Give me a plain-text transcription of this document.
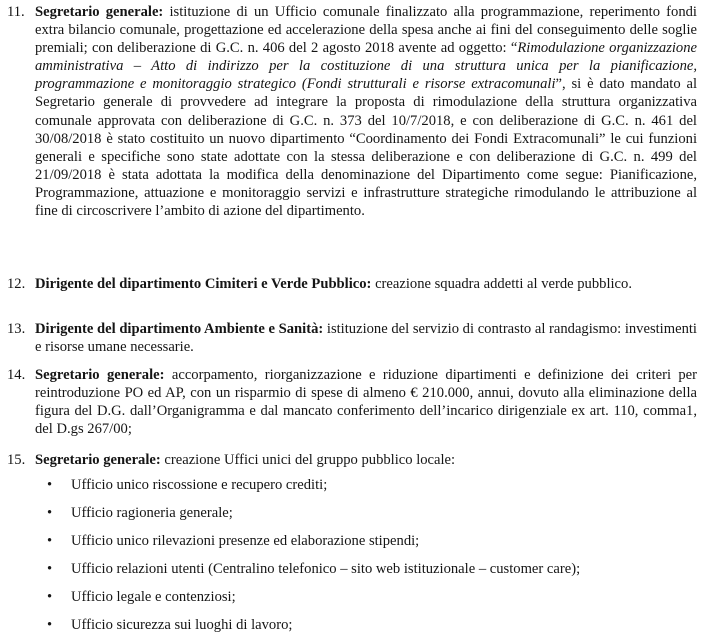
11. Segretario generale: istituzione di un Ufficio comunale finalizzato alla programmazione, reperimento fondi extra bilancio comunale, progettazione ed accelerazione della spesa anche ai fini del conseguimento delle soglie premiali; con deliberazione di G.C. n. 406 del 2 agosto 2018 avente ad oggetto: “Rimodulazione organizzazione amministrativa – Atto di indirizzo per la costituzione di una struttura unica per la pianificazione, programmazione e monitoraggio strategico (Fondi strutturali e risorse extracomunali”, si è dato mandato al Segretario generale di provvedere ad integrare la proposta di rimodulazione della struttura organizzativa comunale approvata con deliberazione di G.C. n. 373 del 10/7/2018, e con deliberazione di G.C. n. 461 del 30/08/2018 è stato costituito un nuovo dipartimento “Coordinamento dei Fondi Extracomunali” le cui funzioni generali e specifiche sono state adottate con la stessa deliberazione e con deliberazione di G.C. n. 499 del 21/09/2018 è stata adottata la modifica della denominazione del Dipartimento come segue: Pianificazione, Programmazione, attuazione e monitoraggio servizi e infrastrutture strategiche rimodulando le attribuzione al fine di circoscrivere l’ambito di azione del dipartimento.
12. Dirigente del dipartimento Cimiteri e Verde Pubblico: creazione squadra addetti al verde pubblico.
13. Dirigente del dipartimento Ambiente e Sanità: istituzione del servizio di contrasto al randagismo: investimenti e risorse umane necessarie.
14. Segretario generale: accorpamento, riorganizzazione e riduzione dipartimenti e definizione dei criteri per reintroduzione PO ed AP, con un risparmio di spese di almeno € 210.000, annui, dovuto alla eliminazione della figura del D.G. dall’Organigramma e dal mancato conferimento dell’incarico dirigenziale ex art. 110, comma1, del D.gs 267/00;
15. Segretario generale: creazione Uffici unici del gruppo pubblico locale:
• Ufficio unico riscossione e recupero crediti;
• Ufficio ragioneria generale;
• Ufficio unico rilevazioni presenze ed elaborazione stipendi;
• Ufficio relazioni utenti (Centralino telefonico – sito web istituzionale – customer care);
• Ufficio legale e contenziosi;
• Ufficio sicurezza sui luoghi di lavoro;
